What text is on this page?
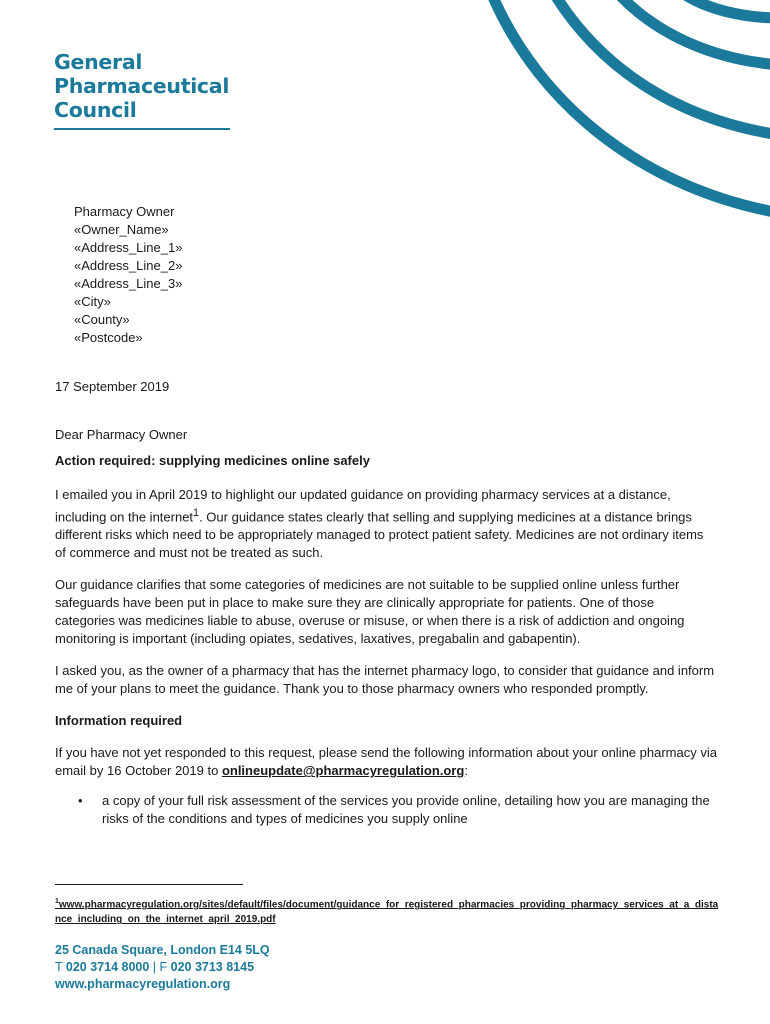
General
Pharmaceutical
Council
Pharmacy Owner
«Owner_Name»
«Address_Line_1»
«Address_Line_2»
«Address_Line_3»
«City»
«County»
«Postcode»

17 September 2019

Dear Pharmacy Owner

Action required: supplying medicines online safely

I emailed you in April 2019 to highlight our updated guidance on providing pharmacy services at a distance, including on the internet$^1$. Our guidance states clearly that selling and supplying medicines at a distance brings different risks which need to be appropriately managed to protect patient safety. Medicines are not ordinary items of commerce and must not be treated as such.

Our guidance clarifies that some categories of medicines are not suitable to be supplied online unless further safeguards have been put in place to make sure they are clinically appropriate for patients. One of those categories was medicines liable to abuse, overuse or misuse, or when there is a risk of addiction and ongoing monitoring is important (including opiates, sedatives, laxatives, pregabalin and gabapentin).

I asked you, as the owner of a pharmacy that has the internet pharmacy logo, to consider that guidance and inform me of your plans to meet the guidance. Thank you to those pharmacy owners who responded promptly.

Information required

If you have not yet responded to this request, please send the following information about your online pharmacy via email by 16 October 2019 to onlineupdate@pharmacyregulation.org:

• a copy of your full risk assessment of the services you provide online, detailing how you are managing the risks of the conditions and types of medicines you supply online
$^1$www.pharmacyregulation.org/sites/default/files/document/guidance_for_registered_pharmacies_providing_pharmacy_services_at_a_distance_including_on_the_internet_april_2019.pdf
25 Canada Square, London E14 5LQ
T 020 3714 8000 | F 020 3713 8145
www.pharmacyregulation.org
